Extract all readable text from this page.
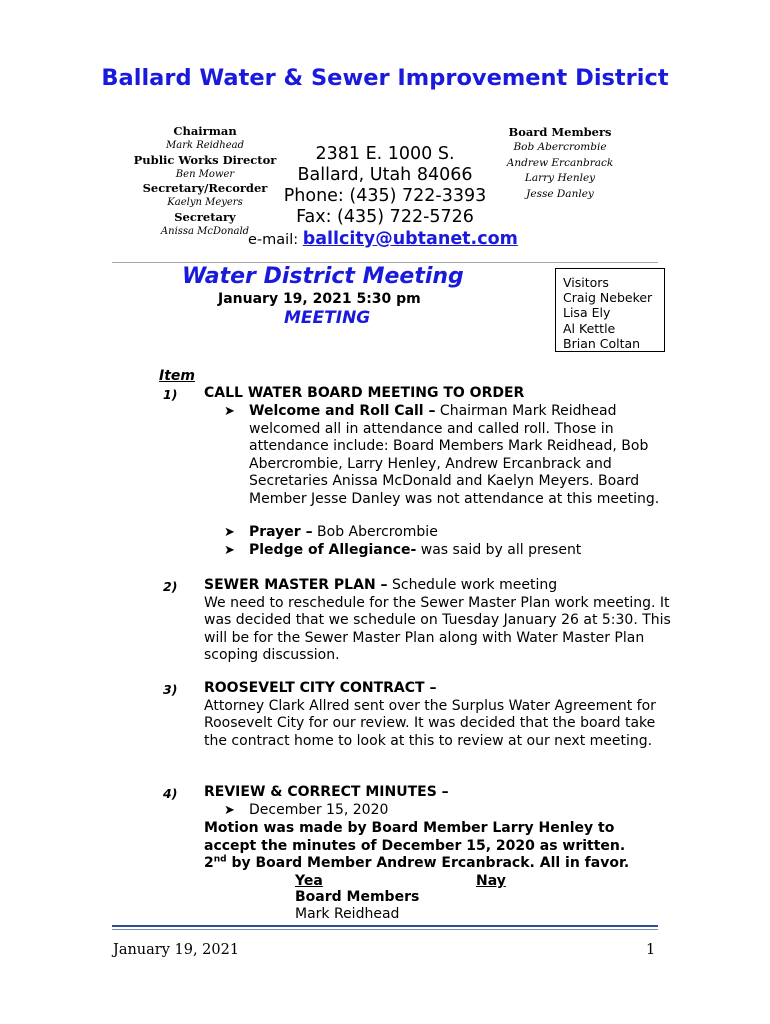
Ballard Water & Sewer Improvement District
Chairman
Mark Reidhead
Public Works Director
Ben Mower
Secretary/Recorder
Kaelyn Meyers
Secretary
Anissa McDonald
2381 E. 1000 S.
Ballard, Utah 84066
Phone: (435) 722-3393
Fax: (435) 722-5726
e-mail: ballcity@ubtanet.com
Board Members
Bob Abercrombie
Andrew Ercanbrack
Larry Henley
Jesse Danley
Water District Meeting
January 19, 2021 5:30 pm
MEETING
Visitors
Craig Nebeker
Lisa Ely
Al Kettle
Brian Coltan
Item
1) CALL WATER BOARD MEETING TO ORDER
➤ Welcome and Roll Call – Chairman Mark Reidhead welcomed all in attendance and called roll. Those in attendance include: Board Members Mark Reidhead, Bob Abercrombie, Larry Henley, Andrew Ercanbrack and Secretaries Anissa McDonald and Kaelyn Meyers. Board Member Jesse Danley was not attendance at this meeting.
➤ Prayer – Bob Abercrombie
➤ Pledge of Allegiance- was said by all present
2) SEWER MASTER PLAN – Schedule work meeting
We need to reschedule for the Sewer Master Plan work meeting. It was decided that we schedule on Tuesday January 26 at 5:30. This will be for the Sewer Master Plan along with Water Master Plan scoping discussion.
3) ROOSEVELT CITY CONTRACT –
Attorney Clark Allred sent over the Surplus Water Agreement for Roosevelt City for our review. It was decided that the board take the contract home to look at this to review at our next meeting.
4) REVIEW & CORRECT MINUTES –
➤ December 15, 2020
Motion was made by Board Member Larry Henley to
accept the minutes of December 15, 2020 as written.
2nd by Board Member Andrew Ercanbrack. All in favor.
Yea	Nay
Board Members
Mark Reidhead
January 19, 2021	1
